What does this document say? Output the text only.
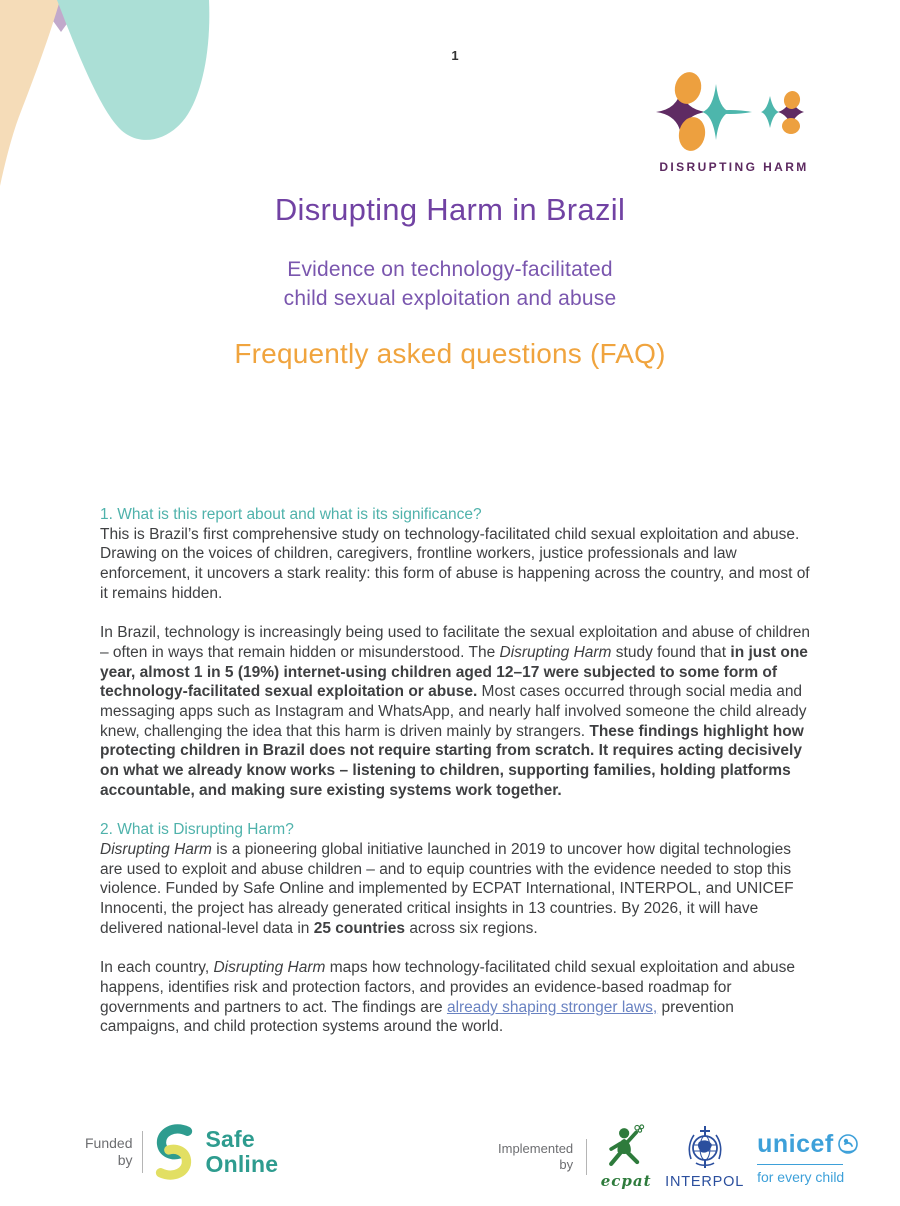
1
DISRUPTING HARM
Disrupting Harm in Brazil
Evidence on technology-facilitated
child sexual exploitation and abuse
Frequently asked questions (FAQ)
1. What is this report about and what is its significance?

This is Brazil’s first comprehensive study on technology-facilitated child sexual exploitation and abuse. Drawing on the voices of children, caregivers, frontline workers, justice professionals and law enforcement, it uncovers a stark reality: this form of abuse is happening across the country, and most of it remains hidden.

In Brazil, technology is increasingly being used to facilitate the sexual exploitation and abuse of children – often in ways that remain hidden or misunderstood. The Disrupting Harm study found that in just one year, almost 1 in 5 (19%) internet-using children aged 12–17 were subjected to some form of technology-facilitated sexual exploitation or abuse. Most cases occurred through social media and messaging apps such as Instagram and WhatsApp, and nearly half involved someone the child already knew, challenging the idea that this harm is driven mainly by strangers. These findings highlight how protecting children in Brazil does not require starting from scratch. It requires acting decisively on what we already know works – listening to children, supporting families, holding platforms accountable, and making sure existing systems work together.

2. What is Disrupting Harm?

Disrupting Harm is a pioneering global initiative launched in 2019 to uncover how digital technologies are used to exploit and abuse children – and to equip countries with the evidence needed to stop this violence. Funded by Safe Online and implemented by ECPAT International, INTERPOL, and UNICEF Innocenti, the project has already generated critical insights in 13 countries. By 2026, it will have delivered national-level data in 25 countries across six regions.

In each country, Disrupting Harm maps how technology-facilitated child sexual exploitation and abuse happens, identifies risk and protection factors, and provides an evidence-based roadmap for governments and partners to act. The findings are already shaping stronger laws, prevention campaigns, and child protection systems around the world.

Funded
by
Safe
Online
Implemented
by
ecpat INTERPOL
unicef
for every child
